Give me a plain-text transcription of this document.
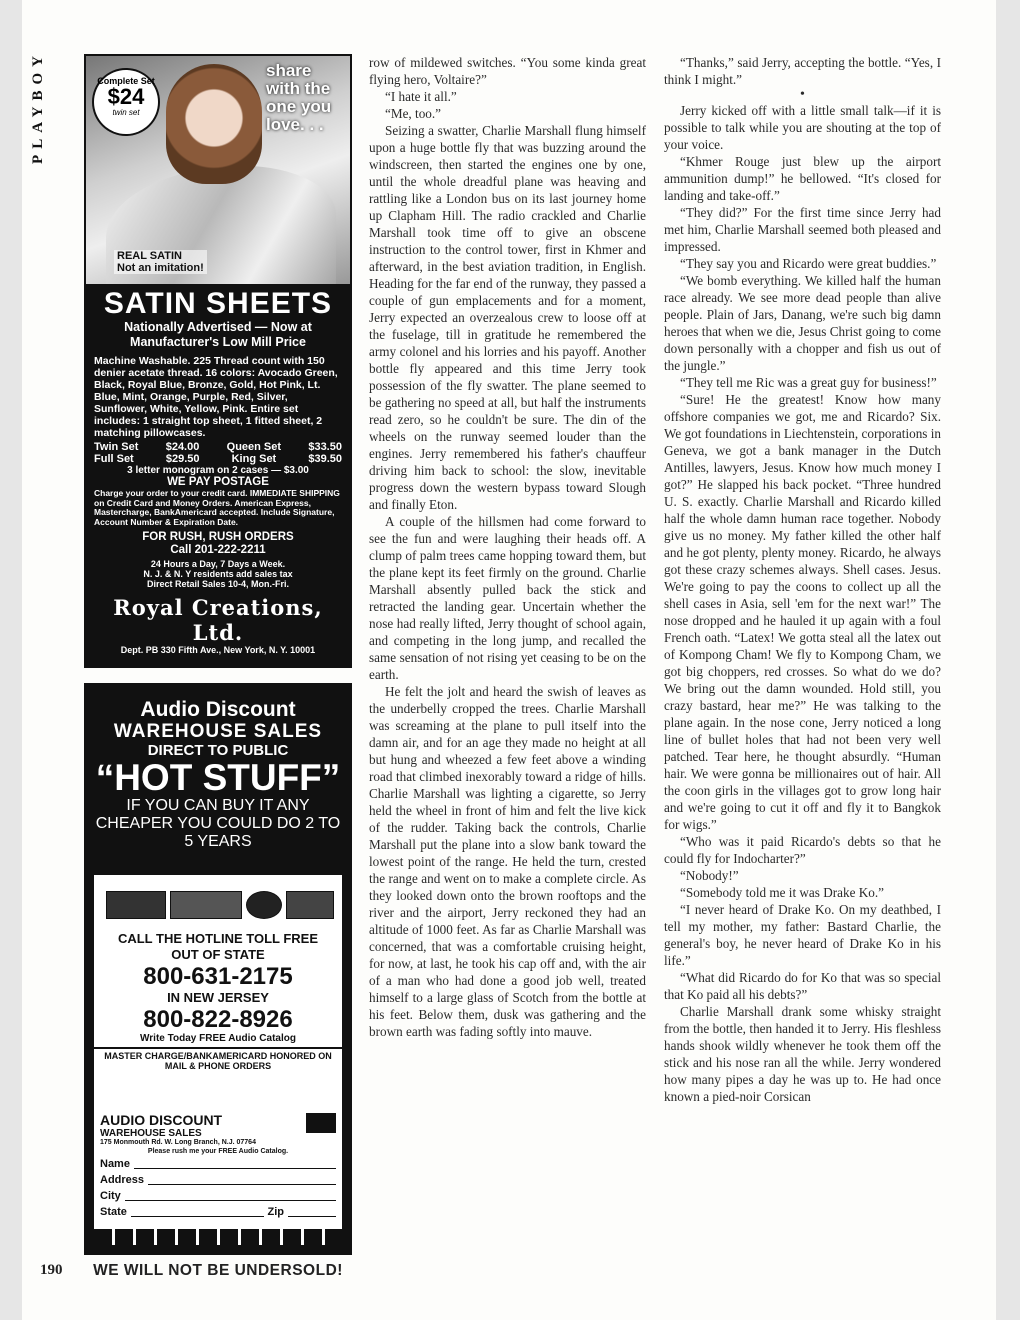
PLAYBOY	Complete Set
$24
twin set
share with the one you love. . .
REAL SATIN
Not an imitation!
SATIN SHEETS
Nationally Advertised — Now at Manufacturer's Low Mill Price
Machine Washable. 225 Thread count with 150 denier acetate thread. 16 colors: Avocado Green, Black, Royal Blue, Bronze, Gold, Hot Pink, Lt. Blue, Mint, Orange, Purple, Red, Silver, Sunflower, White, Yellow, Pink. Entire set includes: 1 straight top sheet, 1 fitted sheet, 2 matching pillowcases.
Twin Set $24.00 Queen Set $33.50
Full Set	$29.50	King Set	$39.50
3 letter monogram on 2 cases — $3.00
WE PAY POSTAGE
Charge your order to your credit card. IMMEDIATE SHIPPING on Credit Card and Money Orders. American Express, Mastercharge, BankAmericard accepted. Include Signature, Account Number & Expiration Date.
FOR RUSH, RUSH ORDERS
Call 201-222-2211
24 Hours a Day, 7 Days a Week.
N. J. & N. Y residents add sales tax
Direct Retail Sales 10-4, Mon.-Fri.
Royal Creations, Ltd.
Dept. PB 330 Fifth Ave., New York, N. Y. 10001
Audio Discount
WAREHOUSE SALES
DIRECT TO PUBLIC
“HOT STUFF”
IF YOU CAN BUY IT ANY CHEAPER YOU COULD DO 2 TO 5 YEARS
CALL THE HOTLINE TOLL FREE
OUT OF STATE
800-631-2175
IN NEW JERSEY
800-822-8926
Write Today FREE Audio Catalog
MASTER CHARGE/BANKAMERICARD HONORED ON MAIL & PHONE ORDERS
AUDIO DISCOUNT
WAREHOUSE SALES
175 Monmouth Rd. W. Long Branch, N.J. 07764
Please rush me your FREE Audio Catalog.
Name
Address
City
State	Zip
WE WILL NOT BE UNDERSOLD!
190

row of mildewed switches. “You some kinda great flying hero, Voltaire?”

“I hate it all.”

“Me, too.”

Seizing a swatter, Charlie Marshall flung himself upon a huge bottle fly that was buzzing around the windscreen, then started the engines one by one, until the whole dreadful plane was heaving and rattling like a London bus on its last journey home up Clapham Hill. The radio crackled and Charlie Marshall took time off to give an obscene instruction to the control tower, first in Khmer and afterward, in the best aviation tradition, in English. Heading for the far end of the runway, they passed a couple of gun emplacements and for a moment, Jerry expected an overzealous crew to loose off at the fuselage, till in gratitude he remembered the army colonel and his lorries and his payoff. Another bottle fly appeared and this time Jerry took possession of the fly swatter. The plane seemed to be gathering no speed at all, but half the instruments read zero, so he couldn't be sure. The din of the wheels on the runway seemed louder than the engines. Jerry remembered his father's chauffeur driving him back to school: the slow, inevitable progress down the western bypass toward Slough and finally Eton.

A couple of the hillsmen had come forward to see the fun and were laughing their heads off. A clump of palm trees came hopping toward them, but the plane kept its feet firmly on the ground. Charlie Marshall absently pulled back the stick and retracted the landing gear. Uncertain whether the nose had really lifted, Jerry thought of school again, and competing in the long jump, and recalled the same sensation of not rising yet ceasing to be on the earth.

He felt the jolt and heard the swish of leaves as the underbelly cropped the trees. Charlie Marshall was screaming at the plane to pull itself into the damn air, and for an age they made no height at all but hung and wheezed a few feet above a winding road that climbed inexorably toward a ridge of hills. Charlie Marshall was lighting a cigarette, so Jerry held the wheel in front of him and felt the live kick of the rudder. Taking back the controls, Charlie Marshall put the plane into a slow bank toward the lowest point of the range. He held the turn, crested the range and went on to make a complete circle. As they looked down onto the brown rooftops and the river and the airport, Jerry reckoned they had an altitude of 1000 feet. As far as Charlie Marshall was concerned, that was a comfortable cruising height, for now, at last, he took his cap off and, with the air of a man who had done a good job well, treated himself to a large glass of Scotch from the bottle at his feet. Below them, dusk was gathering and the brown earth was fading softly into mauve.

“Thanks,” said Jerry, accepting the bottle. “Yes, I think I might.”

•

Jerry kicked off with a little small talk—if it is possible to talk while you are shouting at the top of your voice.

“Khmer Rouge just blew up the airport ammunition dump!” he bellowed. “It's closed for landing and take-off.”

“They did?” For the first time since Jerry had met him, Charlie Marshall seemed both pleased and impressed.

“They say you and Ricardo were great buddies.”

“We bomb everything. We killed half the human race already. We see more dead people than alive people. Plain of Jars, Danang, we're such big damn heroes that when we die, Jesus Christ going to come down personally with a chopper and fish us out of the jungle.”

“They tell me Ric was a great guy for business!”

“Sure! He the greatest! Know how many offshore companies we got, me and Ricardo? Six. We got foundations in Liechtenstein, corporations in Geneva, we got a bank manager in the Dutch Antilles, lawyers, Jesus. Know how much money I got?” He slapped his back pocket. “Three hundred U. S. exactly. Charlie Marshall and Ricardo killed half the whole damn human race together. Nobody give us no money. My father killed the other half and he got plenty, plenty money. Ricardo, he always got these crazy schemes always. Shell cases. Jesus. We're going to pay the coons to collect up all the shell cases in Asia, sell 'em for the next war!” The nose dropped and he hauled it up again with a foul French oath. “Latex! We gotta steal all the latex out of Kompong Cham! We fly to Kompong Cham, we got big choppers, red crosses. So what do we do? We bring out the damn wounded. Hold still, you crazy bastard, hear me?” He was talking to the plane again. In the nose cone, Jerry noticed a long line of bullet holes that had not been very well patched. Tear here, he thought absurdly. “Human hair. We were gonna be millionaires out of hair. All the coon girls in the villages got to grow long hair and we're going to cut it off and fly it to Bangkok for wigs.”

“Who was it paid Ricardo's debts so that he could fly for Indocharter?”

“Nobody!”

“Somebody told me it was Drake Ko.”

“I never heard of Drake Ko. On my deathbed, I tell my mother, my father: Bastard Charlie, the general's boy, he never heard of Drake Ko in his life.”

“What did Ricardo do for Ko that was so special that Ko paid all his debts?”

Charlie Marshall drank some whisky straight from the bottle, then handed it to Jerry. His fleshless hands shook wildly whenever he took them off the stick and his nose ran all the while. Jerry wondered how many pipes a day he was up to. He had once known a pied-noir Corsican
